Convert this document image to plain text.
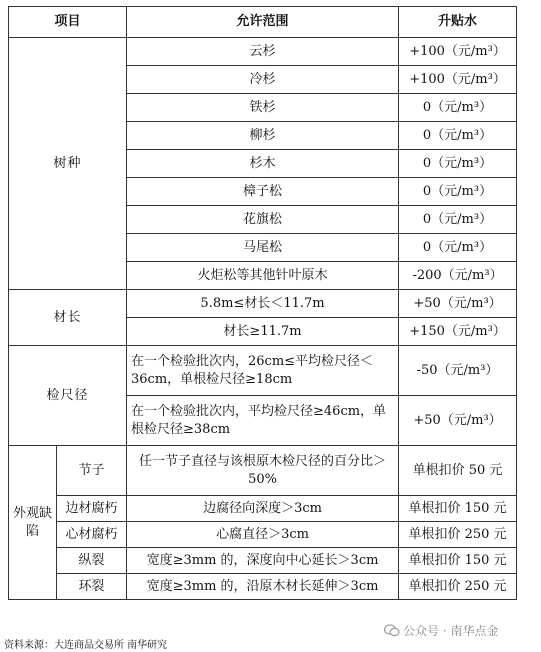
项目		允许范围	升贴水
树种		云杉	+100（元/m³）
		冷杉	+100（元/m³）
		铁杉	0（元/m³）
		柳杉	0（元/m³）
		杉木	0（元/m³）
		樟子松	0（元/m³）
		花旗松	0（元/m³）
		马尾松	0（元/m³）
		火炬松等其他针叶原木	-200（元/m³）
材长		5.8m≤材长＜11.7m	+50（元/m³）
		材长≥11.7m	+150（元/m³）
检尺径		在一个检验批次内，26cm≤平均检尺径＜36cm，单根检尺径≥18cm	-50（元/m³）
		在一个检验批次内，平均检尺径≥46cm，单根检尺径≥38cm	+50（元/m³）
外观缺陷	节子	任一节子直径与该根原木检尺径的百分比＞50%	单根扣价 50 元
	边材腐朽	边腐径向深度＞3cm	单根扣价 150 元
	心材腐朽	心腐直径＞3cm	单根扣价 250 元
	纵裂	宽度≥3mm 的，深度向中心延长＞3cm	单根扣价 150 元
	环裂	宽度≥3mm 的，沿原木材长延伸＞3cm	单根扣价 250 元
公众号 · 南华点金
资料来源：大连商品交易所 南华研究
